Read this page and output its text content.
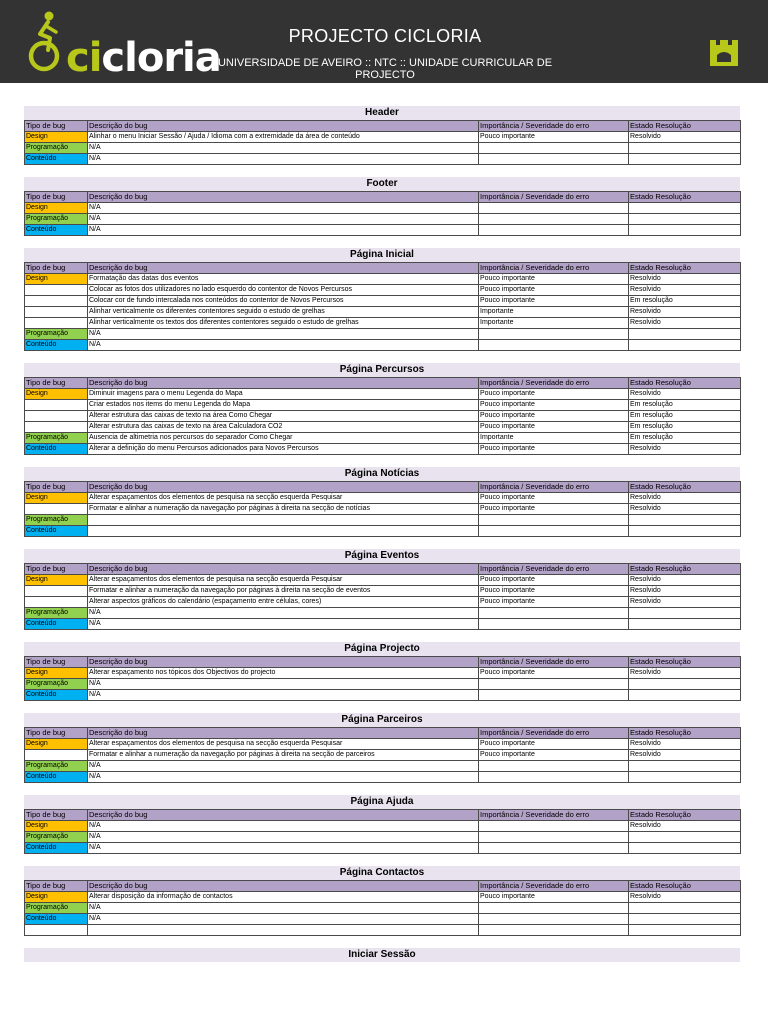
cicloria	PROJECTO CICLORIA
UNIVERSIDADE DE AVEIRO :: NTC :: UNIDADE CURRICULAR DE PROJECTO
Header
Tipo de bug	Descrição do bug	Importância / Severidade do erro	Estado Resolução
Design	Alinhar o menu Iniciar Sessão / Ajuda / Idioma com a extremidade da área de conteúdo	Pouco importante	Resolvido
Programação	N/A		
Conteúdo	N/A		
Footer
Tipo de bug	Descrição do bug	Importância / Severidade do erro	Estado Resolução
Design	N/A		
Programação	N/A		
Conteúdo	N/A		
Página Inicial
Tipo de bug	Descrição do bug	Importância / Severidade do erro	Estado Resolução
Design	Formatação das datas dos eventos	Pouco importante	Resolvido
	Colocar as fotos dos utilizadores no lado esquerdo do contentor de Novos Percursos	Pouco importante	Resolvido
	Colocar cor de fundo intercalada nos conteúdos do contentor de Novos Percursos	Pouco importante	Em resolução
	Alinhar verticalmente os diferentes contentores seguido o estudo de grelhas	Importante	Resolvido
	Alinhar verticalmente os textos dos diferentes contentores seguido o estudo de grelhas	Importante	Resolvido
Programação	N/A		
Conteúdo	N/A		
Página Percursos
Tipo de bug	Descrição do bug	Importância / Severidade do erro	Estado Resolução
Design	Diminuir imagens para o menu Legenda do Mapa	Pouco importante	Resolvido
	Criar estados nos items do menu Legenda do Mapa	Pouco importante	Em resolução
	Alterar estrutura das caixas de texto na área Como Chegar	Pouco importante	Em resolução
	Alterar estrutura das caixas de texto na área Calculadora CO2	Pouco importante	Em resolução
Programação	Ausencia de altimetria nos percursos do separador Como Chegar	Importante	Em resolução
Conteúdo	Alterar a definição do menu Percursos adicionados para Novos Percursos	Pouco importante	Resolvido
Página Notícias
Tipo de bug	Descrição do bug	Importância / Severidade do erro	Estado Resolução
Design	Alterar espaçamentos dos elementos de pesquisa na secção esquerda Pesquisar	Pouco importante	Resolvido
	Formatar e alinhar a numeração da navegação por páginas à direita na secção de notícias	Pouco importante	Resolvido
Programação			
Conteúdo			
Página Eventos
Tipo de bug	Descrição do bug	Importância / Severidade do erro	Estado Resolução
Design	Alterar espaçamentos dos elementos de pesquisa na secção esquerda Pesquisar	Pouco importante	Resolvido
	Formatar e alinhar a numeração da navegação por páginas à direita na secção de eventos	Pouco importante	Resolvido
	Alterar aspectos gráficos do calendário (espaçamento entre células, cores)	Pouco importante	Resolvido
Programação	N/A		
Conteúdo	N/A		
Página Projecto
Tipo de bug	Descrição do bug	Importância / Severidade do erro	Estado Resolução
Design	Alterar espaçamento nos tópicos dos Objectivos do projecto	Pouco importante	Resolvido
Programação	N/A		
Conteúdo	N/A		
Página Parceiros
Tipo de bug	Descrição do bug	Importância / Severidade do erro	Estado Resolução
Design	Alterar espaçamentos dos elementos de pesquisa na secção esquerda Pesquisar	Pouco importante	Resolvido
	Formatar e alinhar a numeração da navegação por páginas à direita na secção de parceiros	Pouco importante	Resolvido
Programação	N/A		
Conteúdo	N/A		
Página Ajuda
Tipo de bug	Descrição do bug	Importância / Severidade do erro	Estado Resolução
Design	N/A		Resolvido
Programação	N/A		
Conteúdo	N/A		
Página Contactos
Tipo de bug	Descrição do bug	Importância / Severidade do erro	Estado Resolução
Design	Alterar disposição da informação de contactos	Pouco importante	Resolvido
Programação	N/A		
Conteúdo	N/A		

Iniciar Sessão
